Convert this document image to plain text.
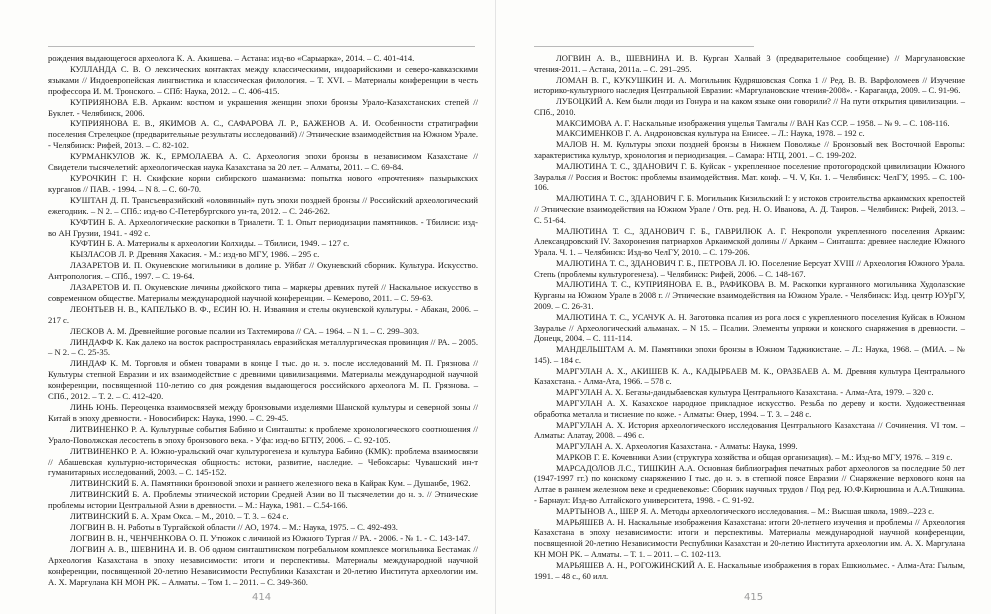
рождения выдающегося археолога К. А. Акишева. – Астана: изд-во «Сарыарка», 2014. – С. 401-414.

КУЛЛАНДА С. В. О лексических контактах между классическими, индоарийскими и северо-кавказскими языками // Индоевропейская лингвистика и классическая филология. – Т. XVI. – Материалы конференции в честь профессора И. М. Тронского. – СПб: Наука, 2012. – С. 406-415.

КУПРИЯНОВА Е.В. Аркаим: костюм и украшения женщин эпохи бронзы Урало-Казахстанских степей // Буклет. - Челябинск, 2006.

КУПРИЯНОВА Е. В., ЯКИМОВ А. С., САФАРОВА Л. Р., БАЖЕНОВ А. И. Особенности стратиграфии поселения Стрелецкое (предварительные результаты исследований) // Этнические взаимодействия на Южном Урале. - Челябинск: Рифей, 2013. – С. 82-102.

КУРМАНКУЛОВ Ж. К., ЕРМОЛАЕВА А. С. Археология эпохи бронзы в независимом Казахстане // Свидетели тысячелетий: археологическая наука Казахстана за 20 лет. – Алматы, 2011. – С. 69-84.

КУРОЧКИН Г. Н. Скифские корни сибирского шаманизма: попытка нового «прочтения» пазырыкских курганов // ПАВ. - 1994. – N 8. – С. 60-70.

КУШТАН Д. П. Трансъевразийский «оловянный» путь эпохи поздней бронзы // Российский археологический ежегодник. – N 2. – СПб.: изд-во С-Петербургского ун-та, 2012. – С. 246-262.

КУФТИН Б. А. Археологические раскопки в Триалети. Т. 1. Опыт периодизации памятников. - Тбилиси: изд-во АН Грузии, 1941. - 492 с.

КУФТИН Б. А. Материалы к археологии Колхиды. – Тбилиси, 1949. – 127 с.

КЫЗЛАСОВ Л. Р. Древняя Хакасия. - М.: изд-во МГУ, 1986. – 295 с.

ЛАЗАРЕТОВ И. П. Окуневские могильники в долине р. Уйбат // Окуневский сборник. Культура. Искусство. Антропология. – СПб., 1997. – С. 19-64.

ЛАЗАРЕТОВ И. П. Окуневские личины джойского типа – маркеры древних путей // Наскальное искусство в современном обществе. Материалы международной научной конференции. – Кемерово, 2011. – С. 59-63.

ЛЕОНТЬЕВ Н. В., КАПЕЛЬКО В. Ф., ЕСИН Ю. Н. Изваяния и стелы окуневской культуры. - Абакан, 2006. – 217 с.

ЛЕСКОВ А. М. Древнейшие роговые псалии из Тахтемирова // СА. – 1964. – N 1. – С. 299–303.

ЛИНДАФФ К. Как далеко на восток распространялась евразийская металлургическая провинция // РА. – 2005. – N 2. – С. 25-35.

ЛИНДАФ К. М. Торговля и обмен товарами в конце I тыс. до н. э. после исследований М. П. Грязнова // Культуры степной Евразии и их взаимодействие с древними цивилизациями. Материалы международной научной конференции, посвященной 110-летию со дня рождения выдающегося российского археолога М. П. Грязнова. – СПб., 2012. – Т. 2. – С. 412-420.

ЛИНЬ ЮНЬ. Переоценка взаимосвязей между бронзовыми изделиями Шанской культуры и северной зоны // Китай в эпоху древности. - Новосибирск: Наука, 1990. – С. 29-45.

ЛИТВИНЕНКО Р. А. Культурные события Бабино и Синташты: к проблеме хронологического соотношения // Урало-Поволжская лесостепь в эпоху бронзового века. - Уфа: изд-во БГПУ, 2006. – С. 92-105.

ЛИТВИНЕНКО Р. А. Южно-уральский очаг культурогенеза и культура Бабино (КМК): проблема взаимосвязи // Абашевская культурно-историческая общность: истоки, развитие, наследие. – Чебоксары: Чувашский ин-т гуманитарных исследований, 2003. – С. 145-152.

ЛИТВИНСКИЙ Б. А. Памятники бронзовой эпохи и раннего железного века в Кайрак Кум. – Душанбе, 1962.

ЛИТВИНСКИЙ Б. А. Проблемы этнической истории Средней Азии во II тысячелетии до н. э. // Этнические проблемы истории Центральной Азии в древности. – М.: Наука, 1981. – С.54-166.

ЛИТВИНСКИЙ Б. А. Храм Окса. – М., 2010. – Т. 3. – 624 с.

ЛОГВИН В. Н. Работы в Тургайской области // АО, 1974. – М.: Наука, 1975. – С. 492-493.

ЛОГВИН В. Н., ЧЕНЧЕНКОВА О. П. Утюжок с личиной из Южного Тургая // РА. - 2006. - № 1. - С. 143-147.

ЛОГВИН А. В., ШЕВНИНА И. В. Об одном синташтинском погребальном комплексе могильника Бестамак // Археология Казахстана в эпоху независимости: итоги и перспективы. Материалы международной научной конференции, посвященной 20-летию Независимости Республики Казахстан и 20-летию Института археологии им. А. Х. Маргулана КН МОН РК. – Алматы. – Том 1. – 2011. – С. 349-360.

414

ЛОГВИН А. В., ШЕВНИНА И. В. Курган Халвай 3 (предварительное сообщение) // Маргулановские чтения-2011. – Астана, 2011а. – С. 291–295.

ЛОМАН В. Г., КУКУШКИН И. А. Могильник Кудряшовская Сопка 1 // Ред. В. В. Варфоломеев // Изучение историко-культурного наследия Центральной Евразии: «Маргулановские чтения-2008». - Караганда, 2009. – С. 91-96.

ЛУБОЦКИЙ А. Кем были люди из Гонура и на каком языке они говорили? // На пути открытия цивилизации. – СПб., 2010.

МАКСИМОВА А. Г. Наскальные изображения ущелья Тамгалы // ВАН Каз ССР. – 1958. – № 9. – С. 108-116.

МАКСИМЕНКОВ Г. А. Андроновская культура на Енисее. – Л.: Наука, 1978. – 192 с.

МАЛОВ Н. М. Культуры эпохи поздней бронзы в Нижнем Поволжье // Бронзовый век Восточной Европы: характеристика культур, хронология и периодизация. – Самара: НТЦ, 2001. – С. 199-202.

МАЛЮТИНА Т. С., ЗДАНОВИЧ Г. Б. Куйсак - укрепленное поселение протогородской цивилизации Южного Зауралья // Россия и Восток: проблемы взаимодействия. Мат. конф. – Ч. V, Кн. 1. – Челябинск: ЧелГУ, 1995. – С. 100-106.

МАЛЮТИНА Т. С., ЗДАНОВИЧ Г. Б. Могильник Кизильский I: у истоков строительства аркаимских крепостей // Этнические взаимодействия на Южном Урале / Отв. ред. Н. О. Иванова, А. Д. Таиров. – Челябинск: Рифей, 2013. – С. 51-64.

МАЛЮТИНА Т. С., ЗДАНОВИЧ Г. Б., ГАВРИЛЮК А. Г. Некрополи укрепленного поселения Аркаим: Александровский IV. Захоронения патриархов Аркаимской долины // Аркаим – Синташта: древнее наследие Южного Урала. Ч. 1. – Челябинск: Изд-во ЧелГУ, 2010. – С. 179-206.

МАЛЮТИНА Т. С., ЗДАНОВИЧ Г. Б., ПЕТРОВА Л. Ю. Поселение Берсуат XVIII // Археология Южного Урала. Степь (проблемы культурогенеза). – Челябинск: Рифей, 2006. – С. 148-167.

МАЛЮТИНА Т. С., КУПРИЯНОВА Е. В., РАФИКОВА В. М. Раскопки курганного могильника Худолазские Курганы на Южном Урале в 2008 г. // Этнические взаимодействия на Южном Урале. - Челябинск: Изд. центр ЮУрГУ, 2009. – С. 26-31.

МАЛЮТИНА Т. С., УСАЧУК А. Н. Заготовка псалия из рога лося с укрепленного поселения Куйсак в Южном Зауралье // Археологический альманах. – N 15. – Псалии. Элементы упряжи и конского снаряжения в древности. – Донецк, 2004. – С. 111-114.

МАНДЕЛЬШТАМ А. М. Памятники эпохи бронзы в Южном Таджикистане. – Л.: Наука, 1968. – (МИА. – № 145). – 184 с.

МАРГУЛАН А. Х., АКИШЕВ К. А., КАДЫРБАЕВ М. К., ОРАЗБАЕВ А. М. Древняя культура Центрального Казахстана. - Алма-Ата, 1966. – 578 с.

МАРГУЛАН А. Х. Бегазы-дандыбаевская культура Центрального Казахстана. - Алма-Ата, 1979. – 320 с.

МАРГУЛАН А. Х. Казахское народное прикладное искусство. Резьба по дереву и кости. Художественная обработка металла и тиснение по коже. - Алматы: Өнер, 1994. – Т. 3. – 248 с.

МАРГУЛАН А. Х. История археологического исследования Центрального Казахстана // Сочинения. VI том. – Алматы: Алатау, 2008. – 496 с.

МАРГУЛАН А. Х. Археология Казахстана. - Алматы: Наука, 1999.

МАРКОВ Г. Е. Кочевники Азии (структура хозяйства и общая организация). – М.: Изд-во МГУ, 1976. – 319 с.

МАРСАДОЛОВ Л.С., ТИШКИН А.А. Основная библиография печатных работ археологов за последние 50 лет (1947-1997 гг.) по конскому снаряжению I тыс. до н. э. в степной поясе Евразии // Снаряжение верхового коня на Алтае в раннем железном веке и средневековье: Сборник научных трудов / Под ред. Ю.Ф.Кирюшина и А.А.Тишкина. - Барнаул: Изд-во Алтайского университета, 1998. - С. 91-92.

МАРТЫНОВ А., ШЕР Я. А. Методы археологического исследования. – М.: Высшая школа, 1989.–223 с.

МАРЬЯШЕВ А. Н. Наскальные изображения Казахстана: итоги 20-летнего изучения и проблемы // Археология Казахстана в эпоху независимости: итоги и перспективы. Материалы международной научной конференции, посвященной 20-летию Независимости Республики Казахстан и 20-летию Института археологии им. А. Х. Маргулана КН МОН РК. – Алматы. – Т. 1. – 2011. – С. 102-113.

МАРЬЯШЕВ А. Н., РОГОЖИНСКИЙ А. Е. Наскальные изображения в горах Ешкиольмес. - Алма-Ата: Гылым, 1991. – 48 с., 60 илл.

415
